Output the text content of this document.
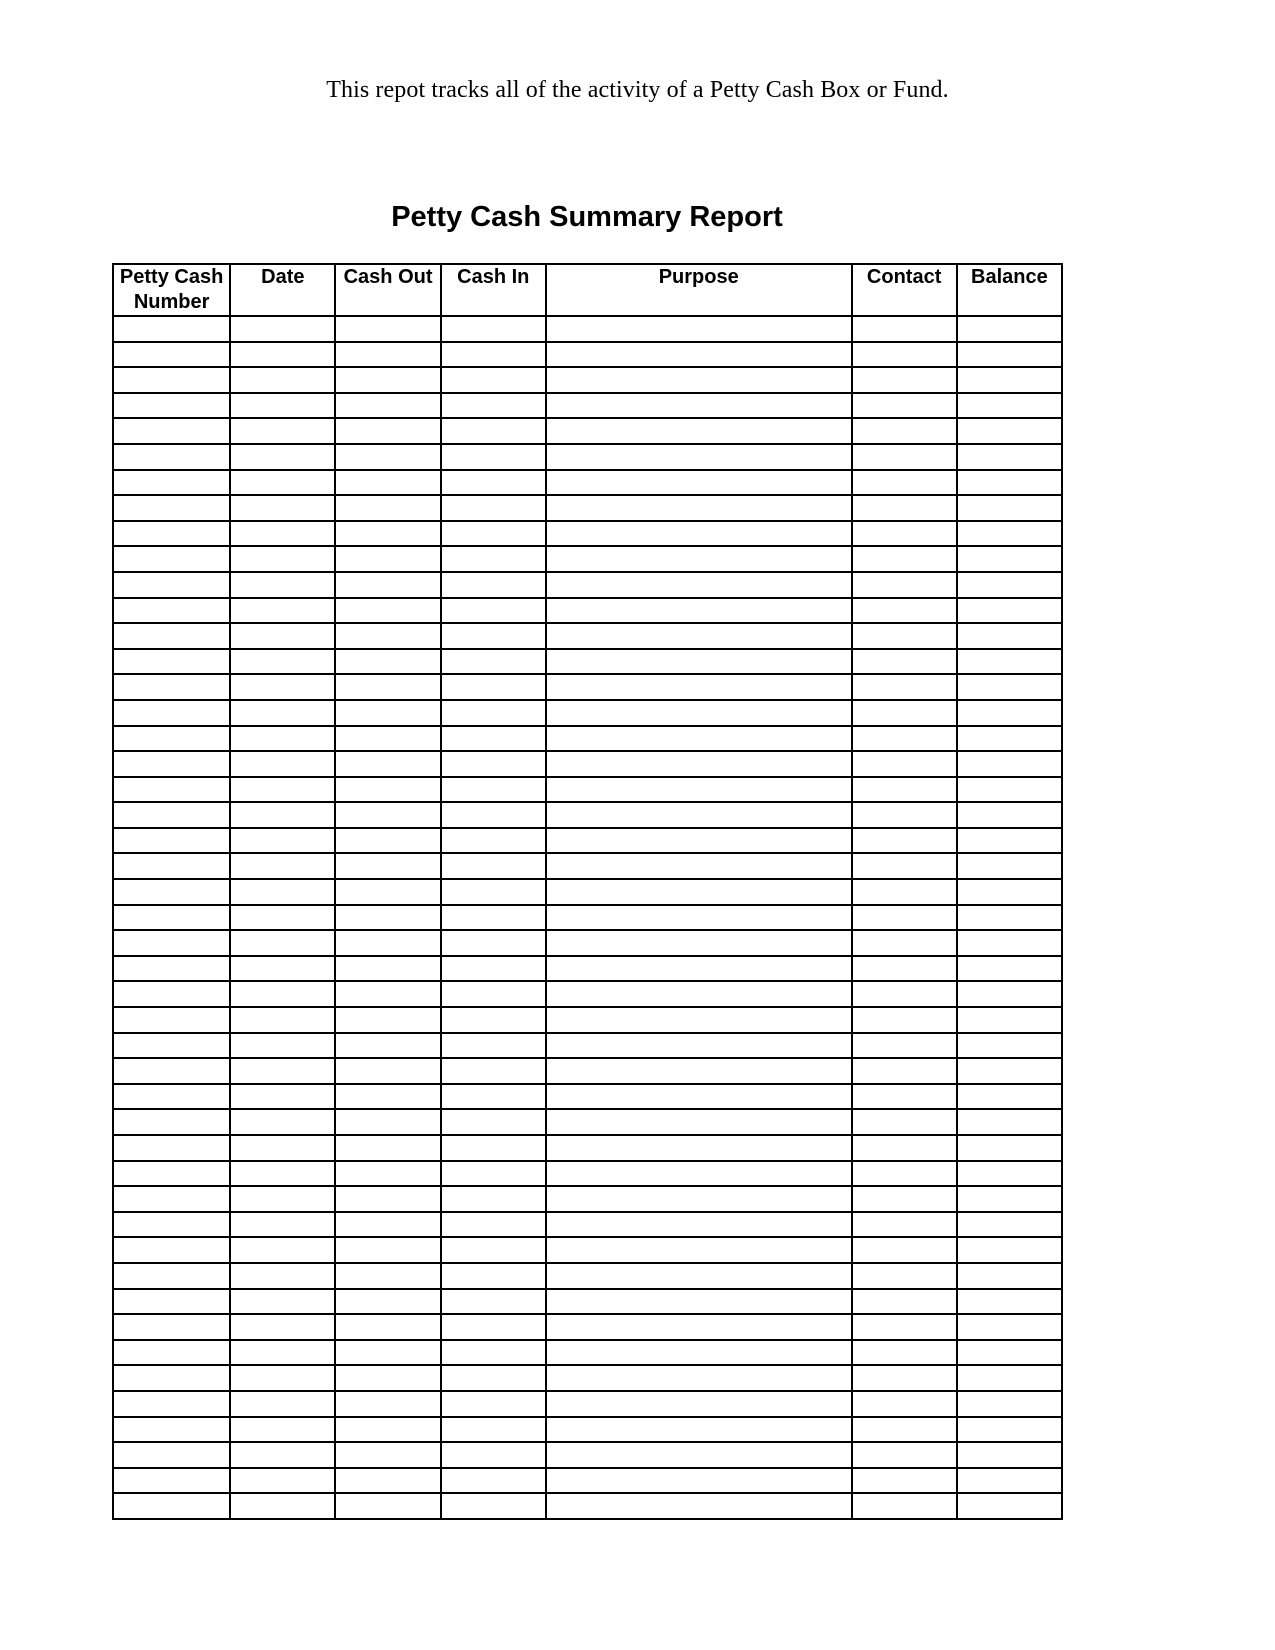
This repot tracks all of the activity of a Petty Cash Box or Fund.
Petty Cash Summary Report
Petty Cash Number	Date	Cash Out	Cash In	Purpose	Contact	Balance
